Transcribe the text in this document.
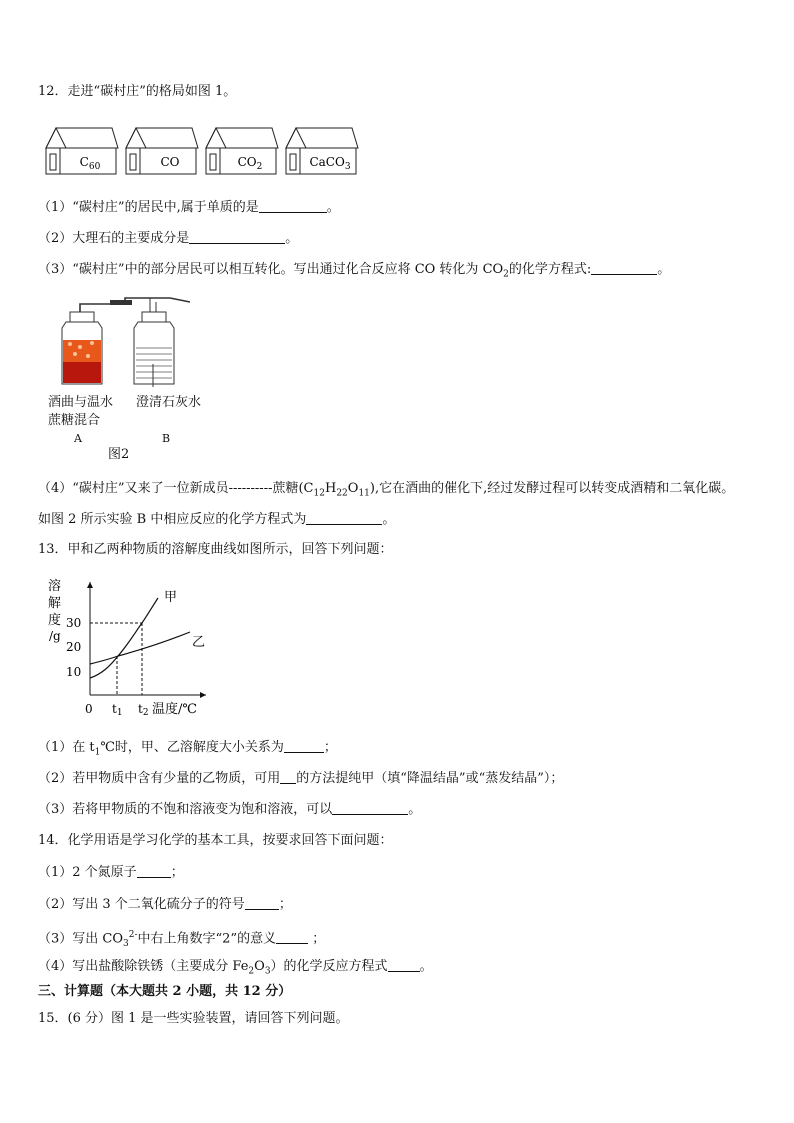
12．走进“碳村庄”的格局如图 1。
$C_{60}$	CO	$CO_2$	CaCO$_3$
（1）“碳村庄”的居民中,属于单质的是	。
（2）大理石的主要成分是	。
（3）“碳村庄”中的部分居民可以相互转化。写出通过化合反应将 CO 转化为 $CO_2$的化学方程式:	。
酒曲与温水
蔗糖混合
A
澄清石灰水
B
图2
（4）“碳村庄”又来了一位新成员----------蔗糖$(C_{12}H_{22}O_{11})$,它在酒曲的催化下,经过发酵过程可以转变成酒精和二氧化碳。
如图 2 所示实验 B 中相应反应的化学方程式为	。
13．甲和乙两种物质的溶解度曲线如图所示，回答下列问题：
溶
解
度
/g
30
20
10
0 t1 t2 温度/℃
甲
乙
（1）在 $t_1℃$时，甲、乙溶解度大小关系为	；
（2）若甲物质中含有少量的乙物质，可用 的方法提纯甲（填“降温结晶”或“蒸发结晶”）；
（3）若将甲物质的不饱和溶液变为饱和溶液，可以	。
14．化学用语是学习化学的基本工具，按要求回答下面问题：
（1）2 个氮原子	；
（2）写出 3 个二氧化硫分子的符号	；
（3）写出 $CO_3^{2-}$中右上角数字“2”的意义 ；
（4）写出盐酸除铁锈（主要成分 $Fe_2O_3$）的化学反应方程式 。
三、计算题（本大题共 2 小题，共 12 分）
15．(6 分）图 1 是一些实验装置，请回答下列问题。
